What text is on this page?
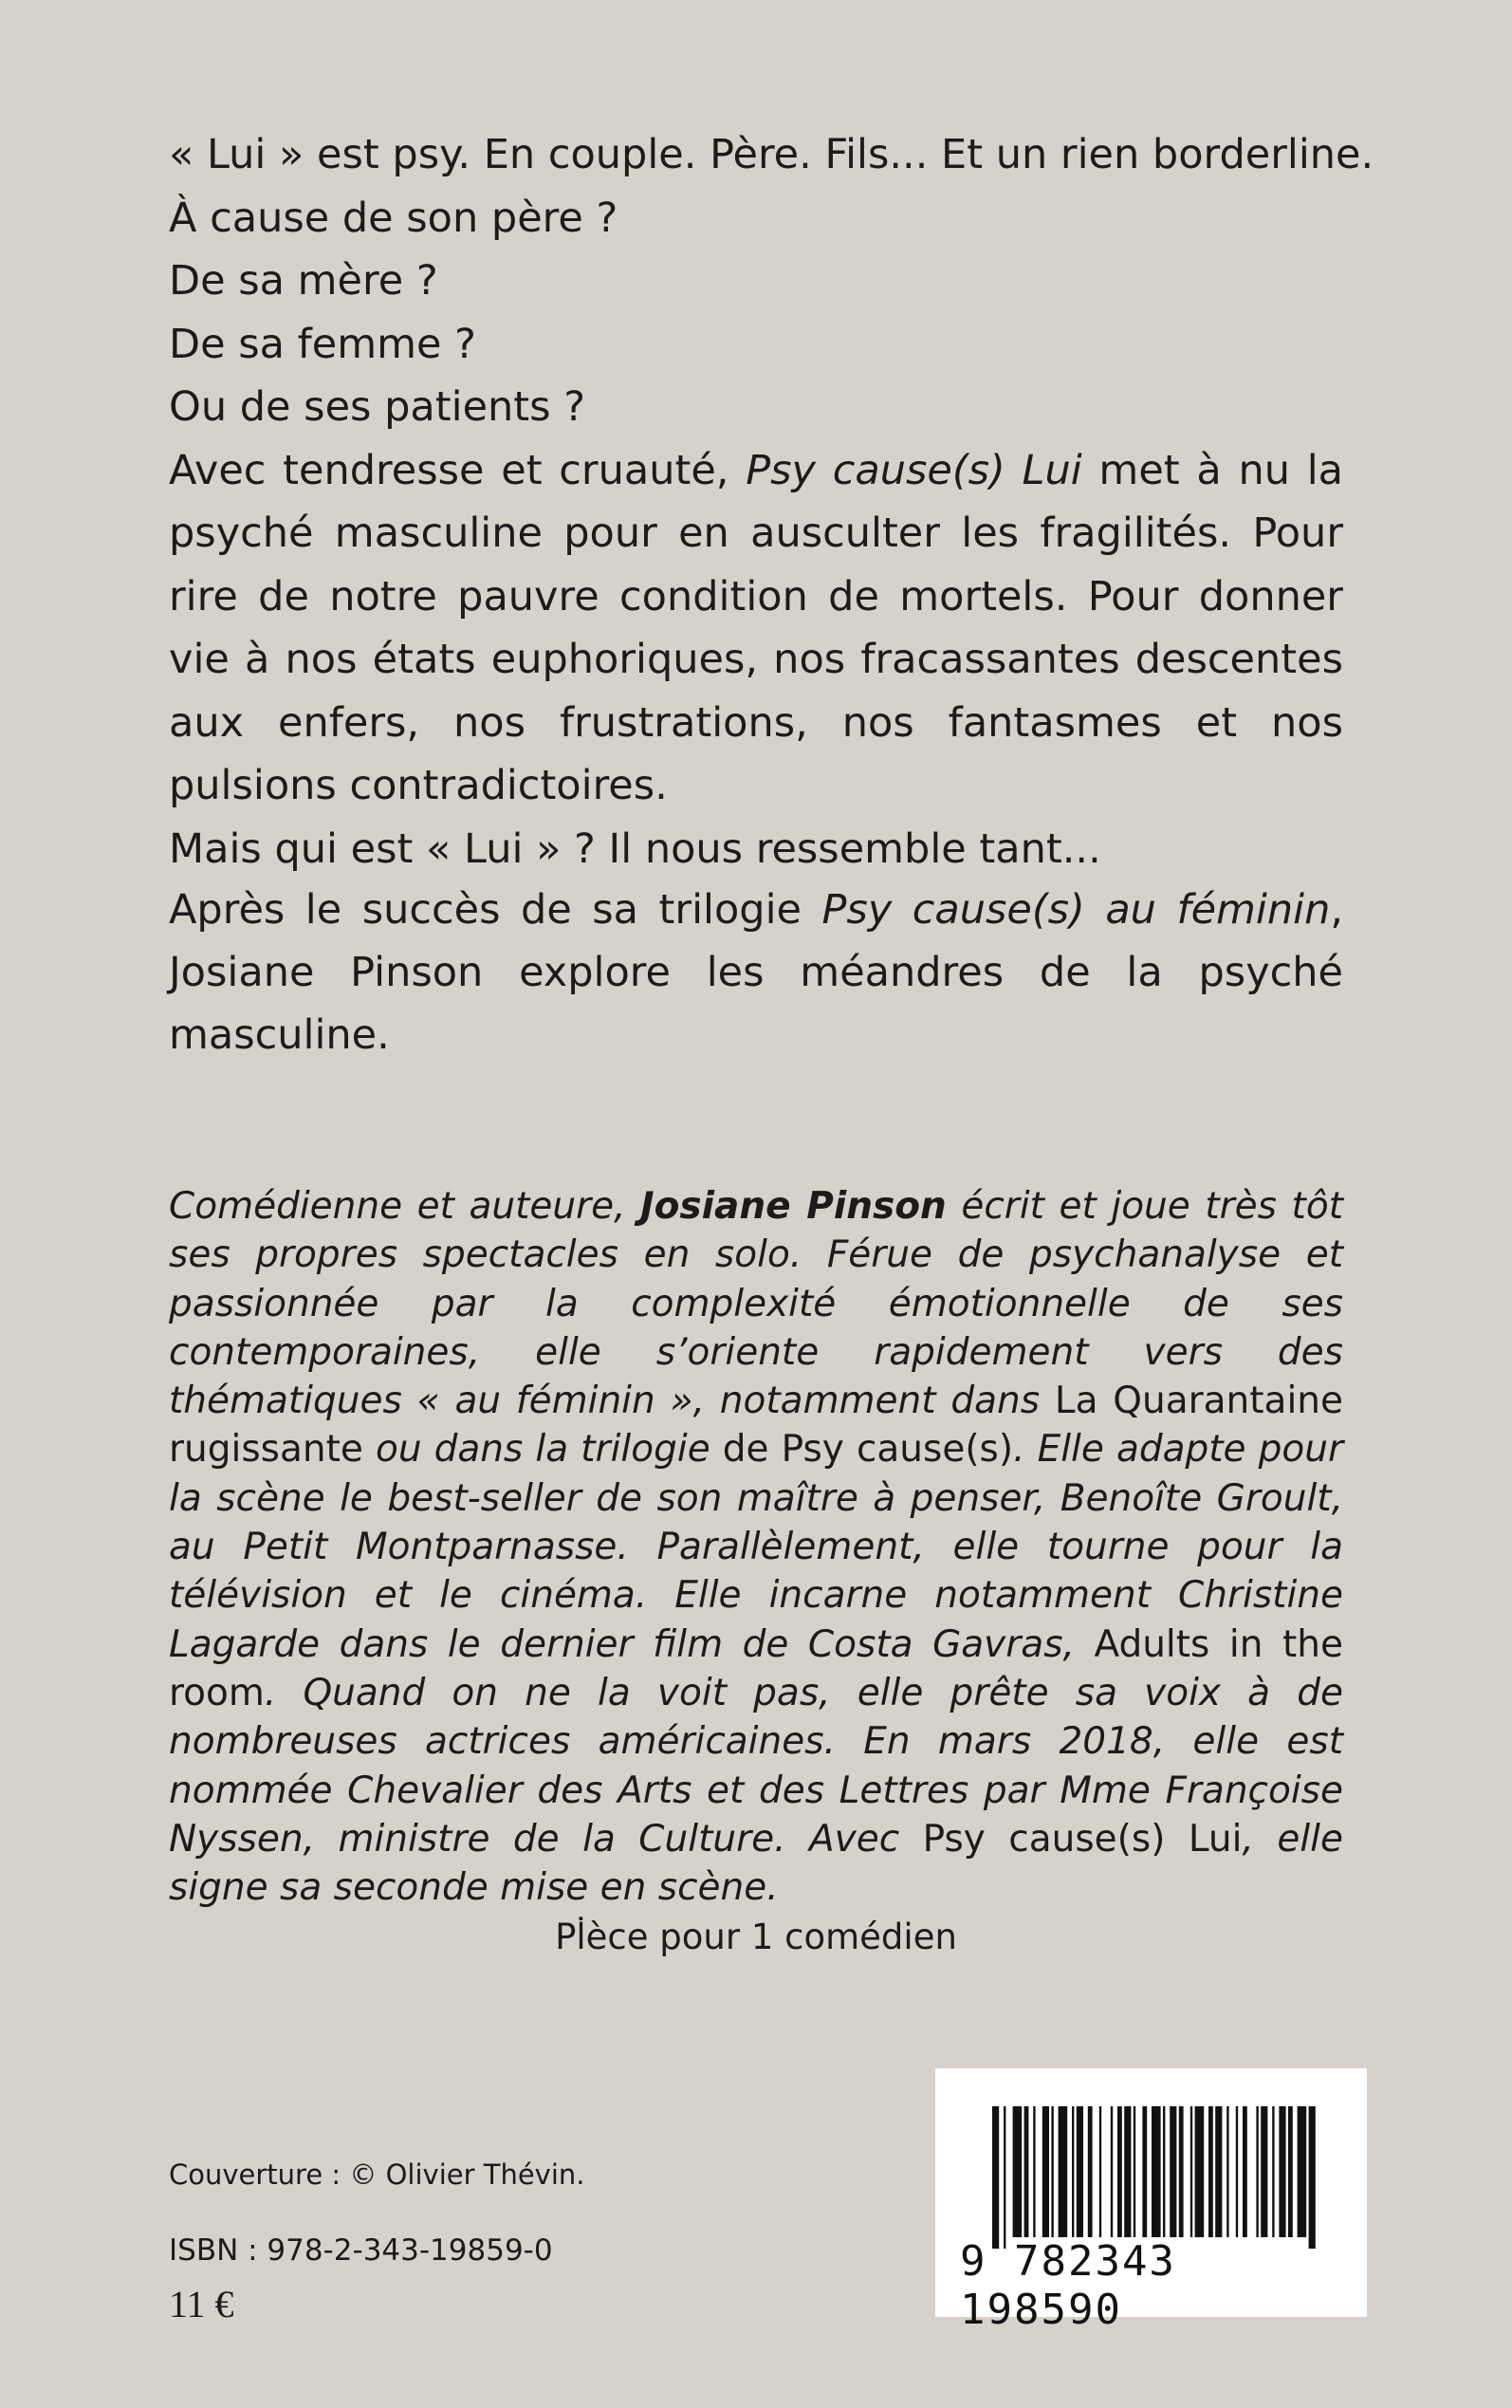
« Lui » est psy. En couple. Père. Fils... Et un rien borderline.
À cause de son père ?
De sa mère ?
De sa femme ?
Ou de ses patients ?

Avec tendresse et cruauté, Psy cause(s) Lui met à nu la psyché masculine pour en ausculter les fragilités. Pour rire de notre pauvre condition de mortels. Pour donner vie à nos états euphoriques, nos fracassantes descentes aux enfers, nos frustrations, nos fantasmes et nos pulsions contradictoires.

Mais qui est « Lui » ? Il nous ressemble tant...
Après le succès de sa trilogie Psy cause(s) au féminin, Josiane Pinson explore les méandres de la psyché masculine.
Comédienne et auteure, Josiane Pinson écrit et joue très tôt ses propres spectacles en solo. Férue de psychanalyse et passionnée par la complexité émotionnelle de ses contemporaines, elle s’oriente rapidement vers des thématiques « au féminin », notamment dans La Quarantaine rugissante ou dans la trilogie de Psy cause(s). Elle adapte pour la scène le best-seller de son maître à penser, Benoîte Groult, au Petit Montparnasse. Parallèlement, elle tourne pour la télévision et le cinéma. Elle incarne notamment Christine Lagarde dans le dernier film de Costa Gavras, Adults in the room. Quand on ne la voit pas, elle prête sa voix à de nombreuses actrices américaines. En mars 2018, elle est nommée Chevalier des Arts et des Lettres par Mme Françoise Nyssen, ministre de la Culture. Avec Psy cause(s) Lui, elle signe sa seconde mise en scène.
Pl̇èce pour 1 comédien
9 782343 198590
Couverture : © Olivier Thévin.
ISBN : 978-2-343-19859-0
11 €
